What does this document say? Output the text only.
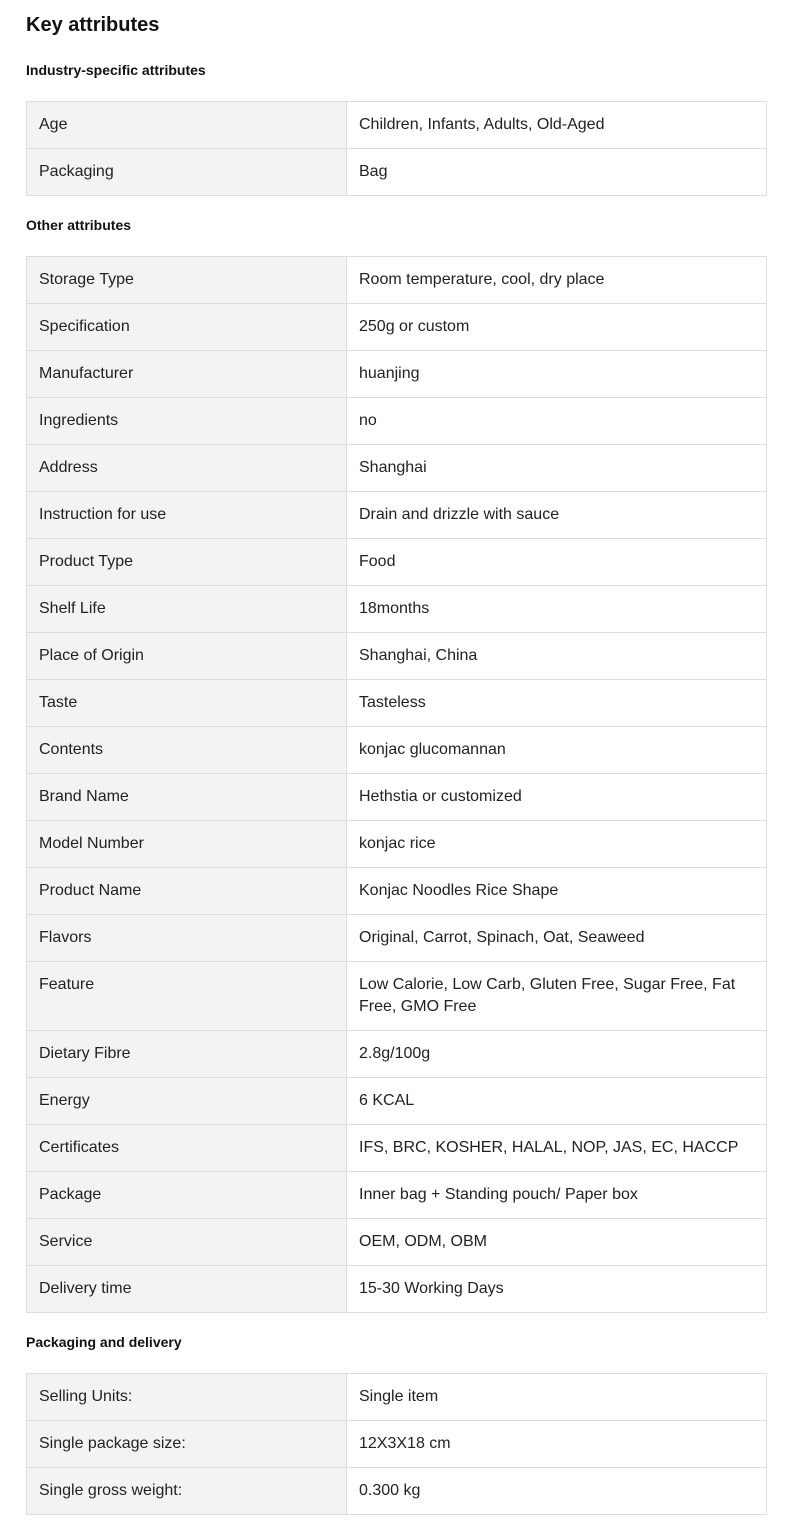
Key attributes
Industry-specific attributes
Age	Children, Infants, Adults, Old-Aged
Packaging	Bag
Other attributes
Storage Type	Room temperature, cool, dry place
Specification	250g or custom
Manufacturer	huanjing
Ingredients	no
Address	Shanghai
Instruction for use	Drain and drizzle with sauce
Product Type	Food
Shelf Life	18months
Place of Origin	Shanghai, China
Taste	Tasteless
Contents	konjac glucomannan
Brand Name	Hethstia or customized
Model Number	konjac rice
Product Name	Konjac Noodles Rice Shape
Flavors	Original, Carrot, Spinach, Oat, Seaweed
Feature	Low Calorie, Low Carb, Gluten Free, Sugar Free, Fat Free, GMO Free
Dietary Fibre	2.8g/100g
Energy	6 KCAL
Certificates	IFS, BRC, KOSHER, HALAL, NOP, JAS, EC, HACCP
Package	Inner bag + Standing pouch/ Paper box
Service	OEM, ODM, OBM
Delivery time	15-30 Working Days
Packaging and delivery
Selling Units:	Single item
Single package size:	12X3X18 cm
Single gross weight:	0.300 kg
